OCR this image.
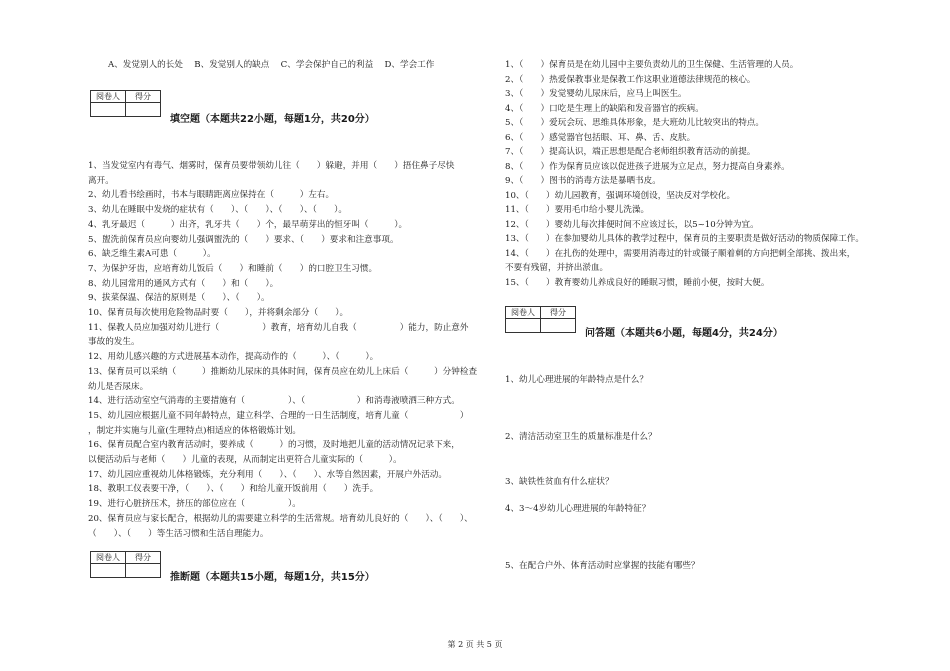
A、发觉别人的长处　 B、发觉别人的缺点　 C、学会保护自己的利益　 D、学会工作
阅卷人	得分

填空题（本题共22小题，每题1分，共20分）
1、当发觉室内有毒气、烟雾时，保育员要带领幼儿往（　　）躲避，并用（　　）捂住鼻子尽快
离开。
2、幼儿看书绘画时，书本与眼睛距离应保持在（　　　）左右。
3、幼儿在睡眠中发烧的症状有（　　）、（　　）、（　　）、（　　）。
4、乳牙最迟（　　　）出齐，乳牙共（　　）个，最早萌芽出的恒牙叫（　　　）。
5、盥洗前保育员应向婴幼儿强调盥洗的（　　）要求、（　　）要求和注意事项。
6、缺乏维生素A可患（　　　）。
7、为保护牙齿，应培育幼儿饭后（　　）和睡前（　　）的口腔卫生习惯。
8、幼儿园常用的通风方式有（　　）和（　　）。
9、拔菜保温、保洁的原则是（　　）、（　　）。
10、保育员每次使用危险物品时要（　　），并将剩余部分（　　）。
11、保教人员应加强对幼儿进行（　　　　　）教育，培育幼儿自我（　　　　　）能力，防止意外
事故的发生。
12、用幼儿感兴趣的方式进展基本动作，提高动作的（　　　）、（　　　）。
13、保育员可以采纳（　　　）推断幼儿尿床的具体时间，保育员应在幼儿上床后（　　　）分钟检查
幼儿是否尿床。
14、进行活动室空气消毒的主要措施有（　　　　　）、（　　　　　　）和消毒液喷洒三种方式。
15、幼儿园应根据儿童不同年龄特点，建立科学、合理的一日生活制度，培育儿童（　　　　　　）
，制定并实施与儿童(生理特点)相适应的体格锻炼计划。
16、保育员配合室内教育活动时，要养成（　　　）的习惯，及时地把儿童的活动情况记录下来，
以便活动后与老师（　　）儿童的表现，从而制定出更符合儿童实际的（　　　）。
17、幼儿园应重视幼儿体格锻炼，充分利用（　　）、（　　）、水等自然因素，开展户外活动。
18、教职工仪表要干净，（　　）、（　　）和给儿童开饭前用（　　）洗手。
19、进行心脏挤压术，挤压的部位应在（　　　　　）。
20、保育员应与家长配合，根据幼儿的需要建立科学的生活常规。培育幼儿良好的（　　）、（　　）、
（　　）、（　　）等生活习惯和生活自理能力。
阅卷人	得分

推断题（本题共15小题，每题1分，共15分）
1、（　　）保育员是在幼儿园中主要负责幼儿的卫生保健、生活管理的人员。
2、（　　）热爱保教事业是保教工作这职业道德法律规范的核心。
3、（　　）发觉婴幼儿尿床后，应马上叫医生。
4、（　　）口吃是生理上的缺陷和发音器官的疾病。
5、（　　）爱玩会玩、思维具体形象，是大班幼儿比较突出的特点。
6、（　　）感觉器官包括眼、耳、鼻、舌、皮肤。
7、（　　）提高认识，端正思想是配合老师组织教育活动的前提。
8、（　　）作为保育员应该以促进孩子进展为立足点，努力提高自身素养。
9、（　　）图书的消毒方法是暴晒书皮。
10、（　　）幼儿园教育，强调环境创设，坚决反对学校化。
11、（　　）要用毛巾给小婴儿洗澡。
12、（　　）婴幼儿每次排便时间不应该过长，以5~10分钟为宜。
13、（　　）在参加婴幼儿具体的教学过程中，保育员的主要职责是做好活动的物质保障工作。
14、（　　）在扎伤的处理中，需要用消毒过的针或镊子顺着刺的方向把刺全部挑、拨出来，
不要有残留，并挤出淤血。
15、（　　）教育婴幼儿养成良好的睡眠习惯，睡前小便，按时大便。
阅卷人	得分

问答题（本题共6小题，每题4分，共24分）
1、幼儿心理进展的年龄特点是什么？
2、清洁活动室卫生的质量标准是什么？
3、缺铁性贫血有什么症状？
4、3～4岁幼儿心理进展的年龄特征？
5、在配合户外、体育活动时应掌握的技能有哪些？
第 2 页 共 5 页
